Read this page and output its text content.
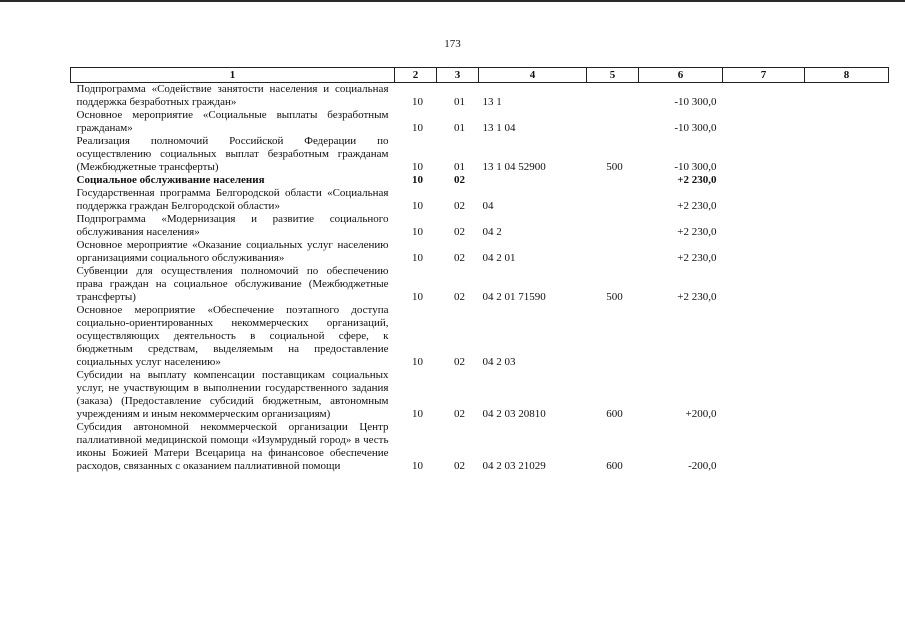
173
1	2	3	4	5	6	7	8
Подпрограмма «Содействие занятости населения и социальная поддержка безработных граждан»	10	01	13 1		-10 300,0		
Основное мероприятие «Социальные выплаты безработным гражданам»	10	01	13 1 04		-10 300,0		
Реализация полномочий Российской Федерации по осуществлению социальных выплат безработным гражданам (Межбюджетные трансферты)	10	01	13 1 04 52900	500	-10 300,0		
Социальное обслуживание населения	10	02			+2 230,0		
Государственная программа Белгородской области «Социальная поддержка граждан Белгородской области»	10	02	04		+2 230,0		
Подпрограмма «Модернизация и развитие социального обслуживания населения»	10	02	04 2		+2 230,0		
Основное мероприятие «Оказание социальных услуг населению организациями социального обслуживания»	10	02	04 2 01		+2 230,0		
Субвенции для осуществления полномочий по обеспечению права граждан на социальное обслуживание (Межбюджетные трансферты)	10	02	04 2 01 71590	500	+2 230,0		
Основное мероприятие «Обеспечение поэтапного доступа социально-ориентированных некоммерческих организаций, осуществляющих деятельность в социальной сфере, к бюджетным средствам, выделяемым на предоставление социальных услуг населению»	10	02	04 2 03				
Субсидии на выплату компенсации поставщикам социальных услуг, не участвующим в выполнении государственного задания (заказа) (Предоставление субсидий бюджетным, автономным учреждениям и иным некоммерческим организациям)	10	02	04 2 03 20810	600	+200,0		
Субсидия автономной некоммерческой организации Центр паллиативной медицинской помощи «Изумрудный город» в честь иконы Божией Матери Всецарица на финансовое обеспечение расходов, связанных с оказанием паллиативной помощи	10	02	04 2 03 21029	600	-200,0		
